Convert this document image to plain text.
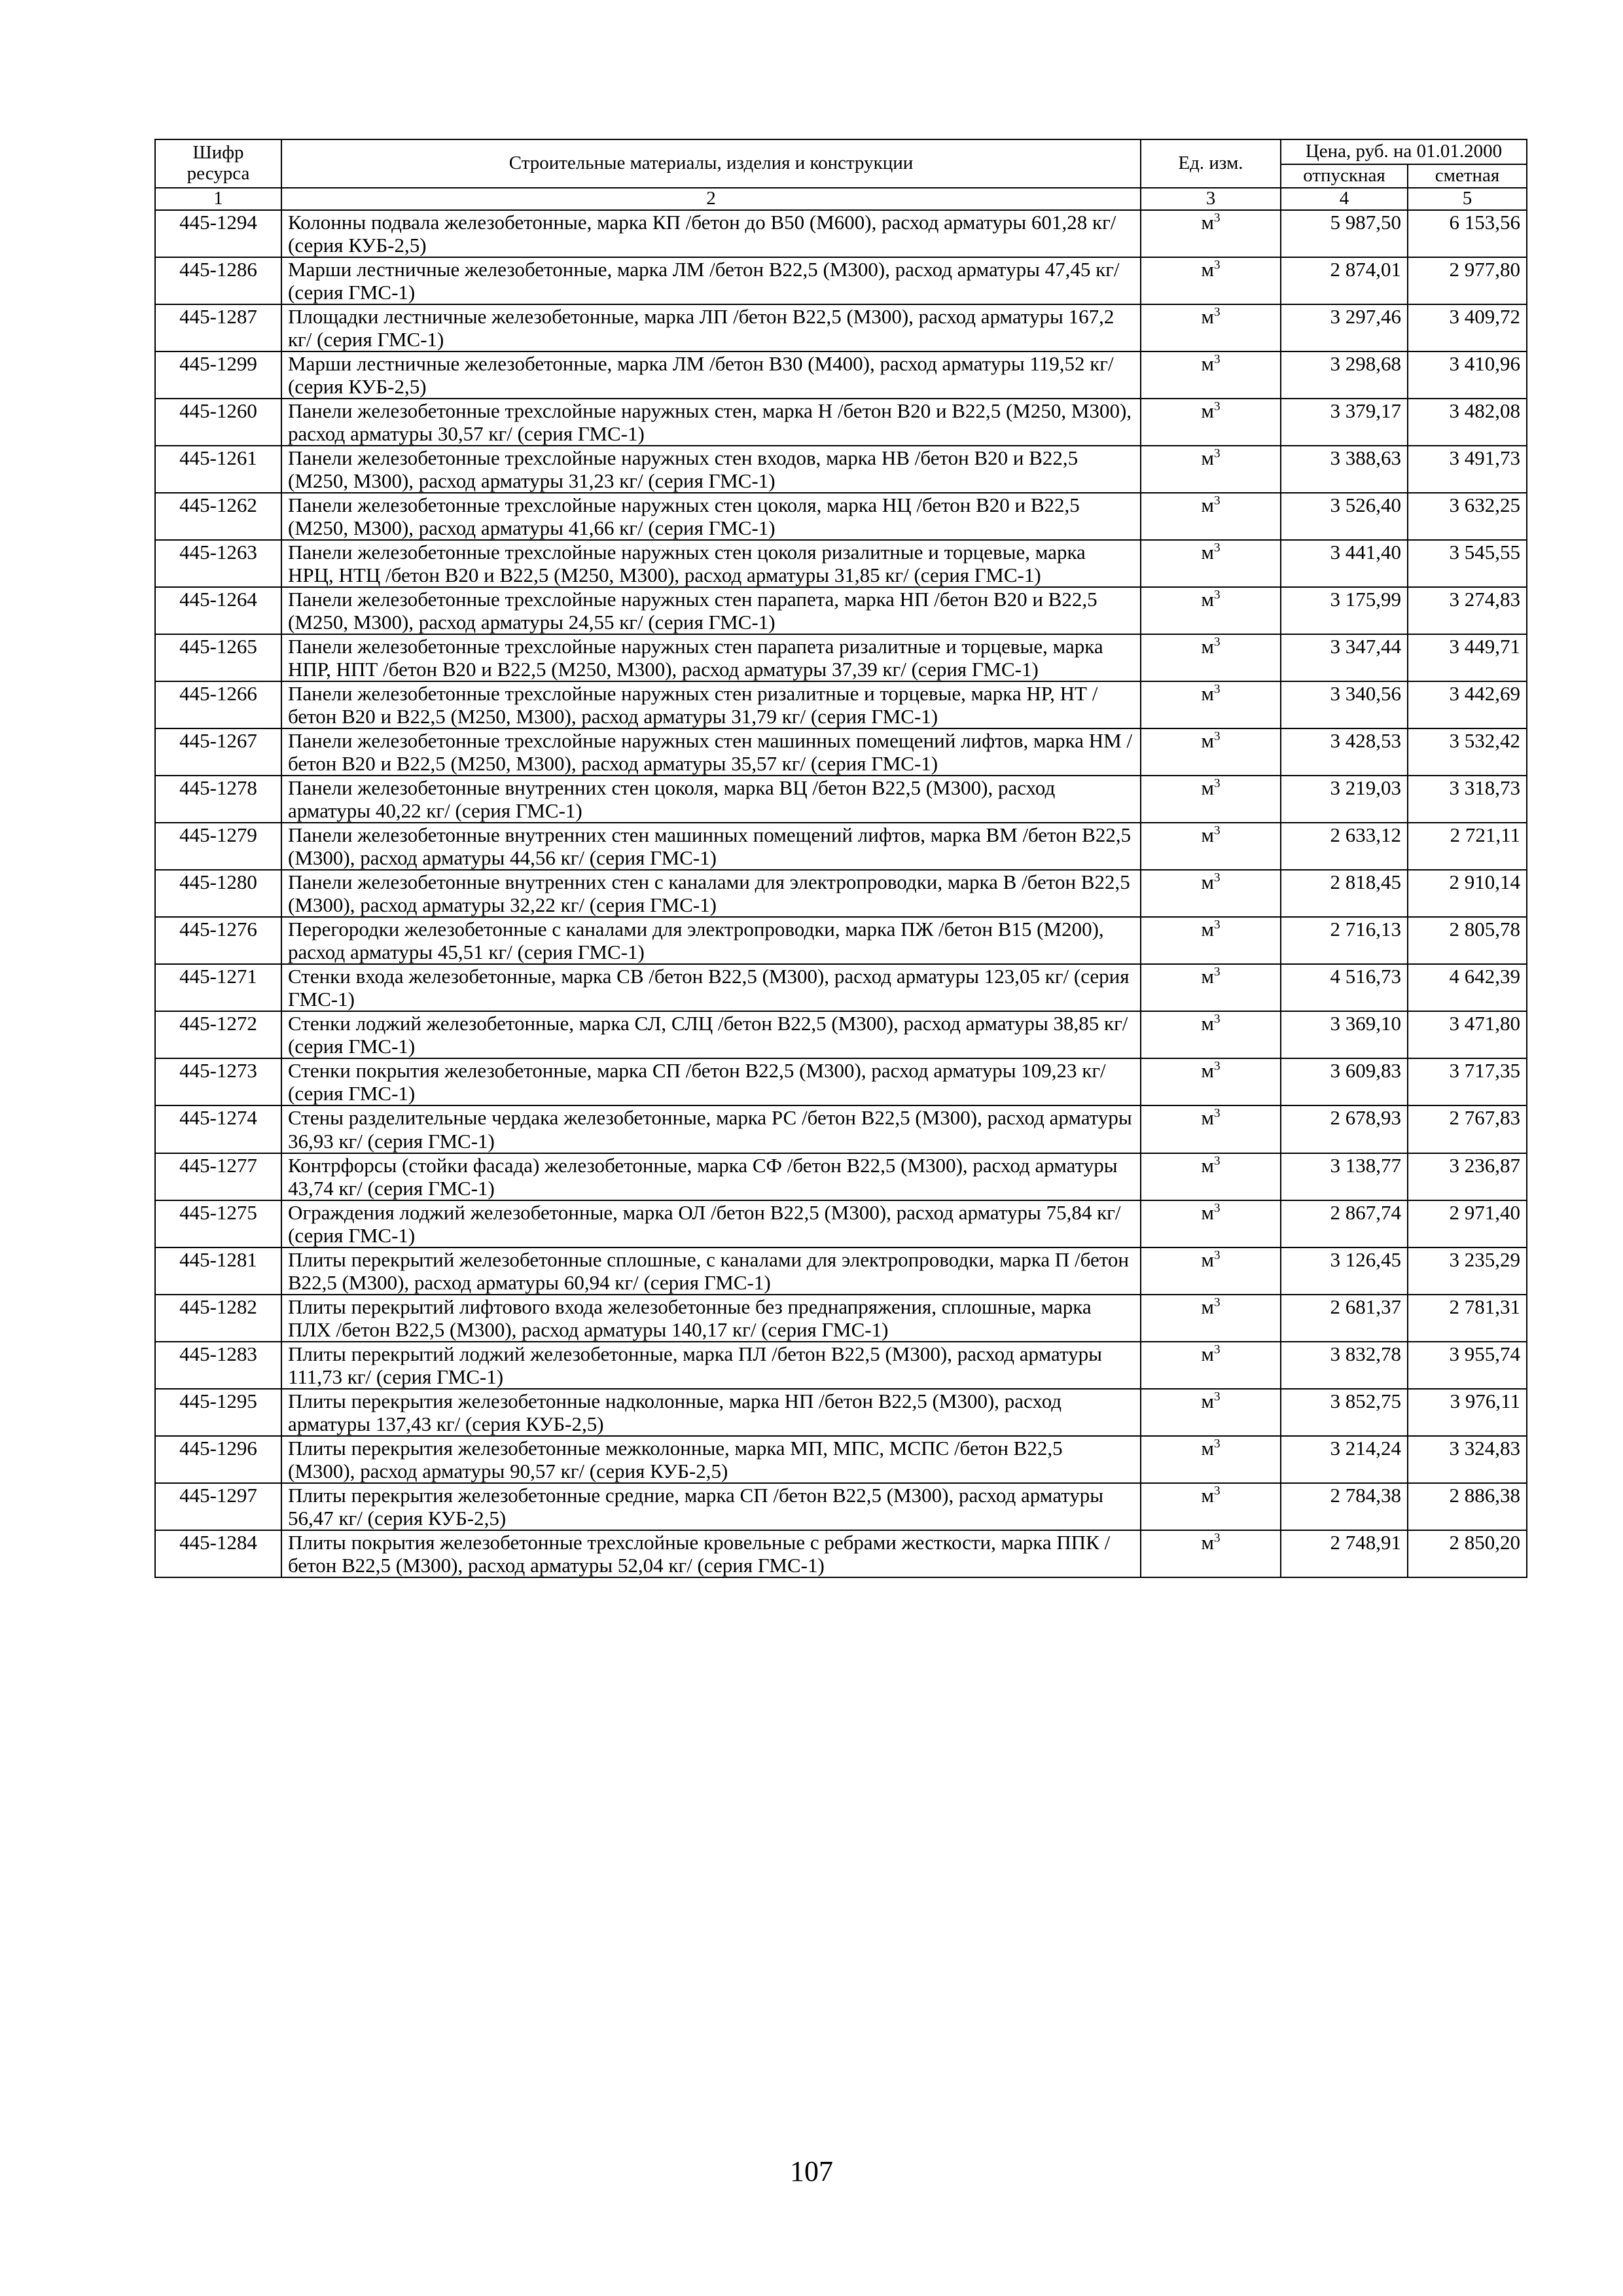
Шифр ресурса	Строительные материалы, изделия и конструкции	Ед. изм.	Цена, руб. на 01.01.2000	
			отпускная	сметная
1	2	3	4	5
445-1294	Колонны подвала железобетонные, марка КП /бетон до В50 (М600), расход арматуры 601,28 кг/ (серия КУБ-2,5)	$м^3$	5 987,50	6 153,56
445-1286	Марши лестничные железобетонные, марка ЛМ /бетон В22,5 (М300), расход арматуры 47,45 кг/ (серия ГМС-1)	$м^3$	2 874,01	2 977,80
445-1287	Площадки лестничные железобетонные, марка ЛП /бетон В22,5 (М300), расход арматуры 167,2 кг/ (серия ГМС-1)	$м^3$	3 297,46	3 409,72
445-1299	Марши лестничные железобетонные, марка ЛМ /бетон В30 (М400), расход арматуры 119,52 кг/ (серия КУБ-2,5)	$м^3$	3 298,68	3 410,96
445-1260	Панели железобетонные трехслойные наружных стен, марка Н /бетон В20 и В22,5 (М250, М300), расход арматуры 30,57 кг/ (серия ГМС-1)	$м^3$	3 379,17	3 482,08
445-1261	Панели железобетонные трехслойные наружных стен входов, марка НВ /бетон В20 и В22,5 (М250, М300), расход арматуры 31,23 кг/ (серия ГМС-1)	$м^3$	3 388,63	3 491,73
445-1262	Панели железобетонные трехслойные наружных стен цоколя, марка НЦ /бетон В20 и В22,5 (М250, М300), расход арматуры 41,66 кг/ (серия ГМС-1)	$м^3$	3 526,40	3 632,25
445-1263	Панели железобетонные трехслойные наружных стен цоколя ризалитные и торцевые, марка НРЦ, НТЦ /бетон В20 и В22,5 (М250, М300), расход арматуры 31,85 кг/ (серия ГМС-1)	$м^3$	3 441,40	3 545,55
445-1264	Панели железобетонные трехслойные наружных стен парапета, марка НП /бетон В20 и В22,5 (М250, М300), расход арматуры 24,55 кг/ (серия ГМС-1)	$м^3$	3 175,99	3 274,83
445-1265	Панели железобетонные трехслойные наружных стен парапета ризалитные и торцевые, марка НПР, НПТ /бетон В20 и В22,5 (М250, М300), расход арматуры 37,39 кг/ (серия ГМС-1)	$м^3$	3 347,44	3 449,71
445-1266	Панели железобетонные трехслойные наружных стен ризалитные и торцевые, марка НР, НТ /бетон В20 и В22,5 (М250, М300), расход арматуры 31,79 кг/ (серия ГМС-1)	$м^3$	3 340,56	3 442,69
445-1267	Панели железобетонные трехслойные наружных стен машинных помещений лифтов, марка НМ /бетон В20 и В22,5 (М250, М300), расход арматуры 35,57 кг/ (серия ГМС-1)	$м^3$	3 428,53	3 532,42
445-1278	Панели железобетонные внутренних стен цоколя, марка ВЦ /бетон В22,5 (М300), расход арматуры 40,22 кг/ (серия ГМС-1)	$м^3$	3 219,03	3 318,73
445-1279	Панели железобетонные внутренних стен машинных помещений лифтов, марка ВМ /бетон В22,5 (М300), расход арматуры 44,56 кг/ (серия ГМС-1)	$м^3$	2 633,12	2 721,11
445-1280	Панели железобетонные внутренних стен с каналами для электропроводки, марка В /бетон В22,5 (М300), расход арматуры 32,22 кг/ (серия ГМС-1)	$м^3$	2 818,45	2 910,14
445-1276	Перегородки железобетонные с каналами для электропроводки, марка ПЖ /бетон В15 (М200), расход арматуры 45,51 кг/ (серия ГМС-1)	$м^3$	2 716,13	2 805,78
445-1271	Стенки входа железобетонные, марка СВ /бетон В22,5 (М300), расход арматуры 123,05 кг/ (серия ГМС-1)	$м^3$	4 516,73	4 642,39
445-1272	Стенки лоджий железобетонные, марка СЛ, СЛЦ /бетон В22,5 (М300), расход арматуры 38,85 кг/ (серия ГМС-1)	$м^3$	3 369,10	3 471,80
445-1273	Стенки покрытия железобетонные, марка СП /бетон В22,5 (М300), расход арматуры 109,23 кг/ (серия ГМС-1)	$м^3$	3 609,83	3 717,35
445-1274	Стены разделительные чердака железобетонные, марка РС /бетон В22,5 (М300), расход арматуры 36,93 кг/ (серия ГМС-1)	$м^3$	2 678,93	2 767,83
445-1277	Контрфорсы (стойки фасада) железобетонные, марка СФ /бетон В22,5 (М300), расход арматуры 43,74 кг/ (серия ГМС-1)	$м^3$	3 138,77	3 236,87
445-1275	Ограждения лоджий железобетонные, марка ОЛ /бетон В22,5 (М300), расход арматуры 75,84 кг/ (серия ГМС-1)	$м^3$	2 867,74	2 971,40
445-1281	Плиты перекрытий железобетонные сплошные, с каналами для электропроводки, марка П /бетон В22,5 (М300), расход арматуры 60,94 кг/ (серия ГМС-1)	$м^3$	3 126,45	3 235,29
445-1282	Плиты перекрытий лифтового входа железобетонные без преднапряжения, сплошные, марка ПЛХ /бетон В22,5 (М300), расход арматуры 140,17 кг/ (серия ГМС-1)	$м^3$	2 681,37	2 781,31
445-1283	Плиты перекрытий лоджий железобетонные, марка ПЛ /бетон В22,5 (М300), расход арматуры 111,73 кг/ (серия ГМС-1)	$м^3$	3 832,78	3 955,74
445-1295	Плиты перекрытия железобетонные надколонные, марка НП /бетон В22,5 (М300), расход арматуры 137,43 кг/ (серия КУБ-2,5)	$м^3$	3 852,75	3 976,11
445-1296	Плиты перекрытия железобетонные межколонные, марка МП, МПС, МСПС /бетон В22,5 (М300), расход арматуры 90,57 кг/ (серия КУБ-2,5)	$м^3$	3 214,24	3 324,83
445-1297	Плиты перекрытия железобетонные средние, марка СП /бетон В22,5 (М300), расход арматуры 56,47 кг/ (серия КУБ-2,5)	$м^3$	2 784,38	2 886,38
445-1284	Плиты покрытия железобетонные трехслойные кровельные с ребрами жесткости, марка ППК /бетон В22,5 (М300), расход арматуры 52,04 кг/ (серия ГМС-1)	$м^3$	2 748,91	2 850,20
107
